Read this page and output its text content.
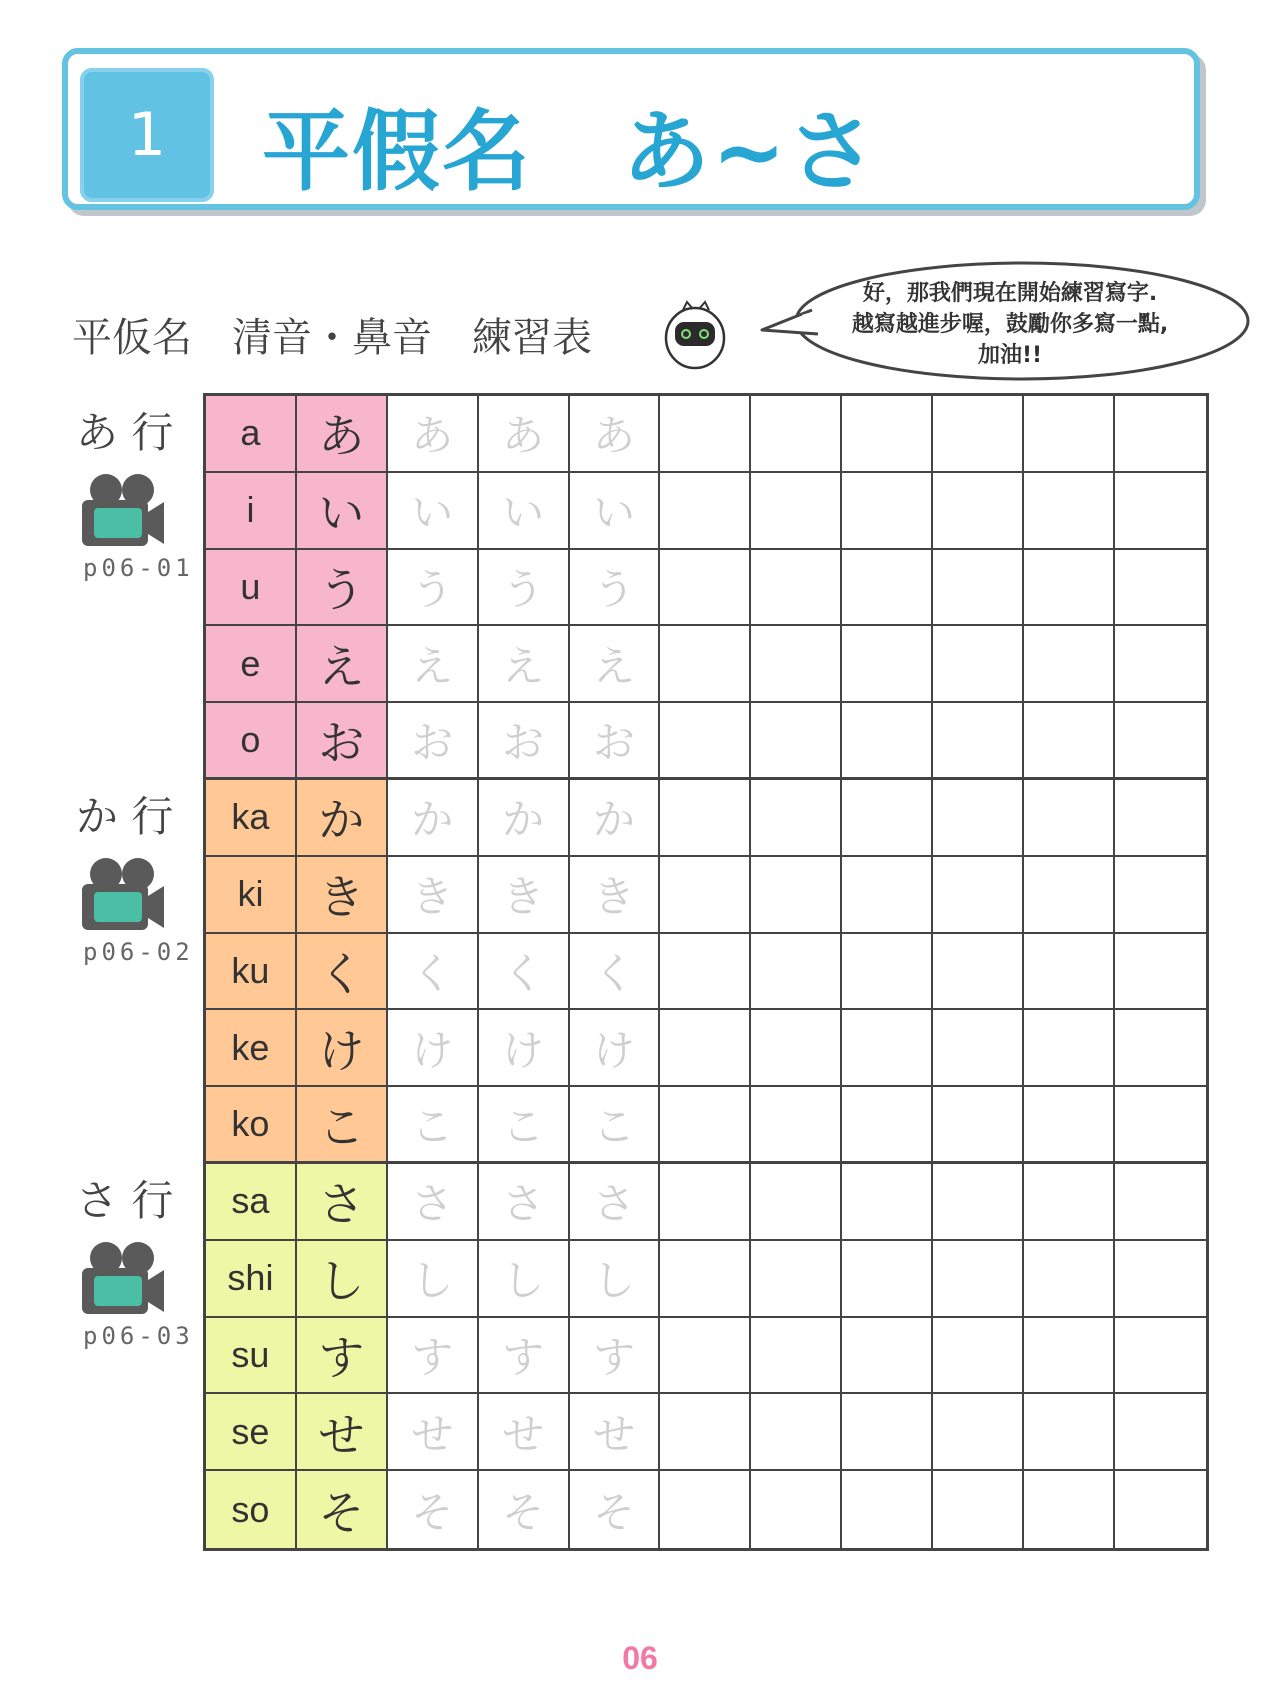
1	平假名　あ~さ
平仮名　清音・鼻音　練習表
好，那我們現在開始練習寫字.
越寫越進步喔，鼓勵你多寫一點,
加油!!
あ 行
p06-01
か 行
p06-02
さ 行
p06-03
a あ あ あ あ
i い い い い
u う う う う
e え え え え
o お お お お
ka か か か か
ki き き き き
ku く く く く
ke け け け け
ko こ こ こ こ
sa さ さ さ さ
shi し し し し
su す す す す
se せ せ せ せ
so そ そ そ そ
06
